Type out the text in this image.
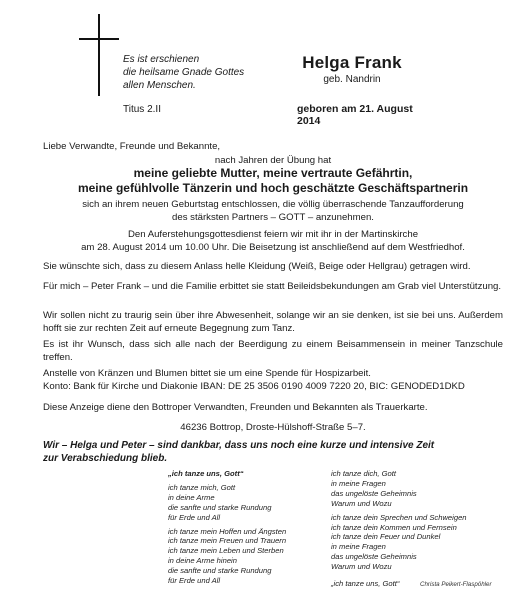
Es ist erschienen
die heilsame Gnade Gottes
allen Menschen.
Titus 2.II
Helga Frank
geb. Nandrin
geboren am 21. August 2014
Liebe Verwandte, Freunde und Bekannte,
nach Jahren der Übung hat
meine geliebte Mutter, meine vertraute Gefährtin,
meine gefühlvolle Tänzerin und hoch geschätzte Geschäftspartnerin
sich an ihrem neuen Geburtstag entschlossen, die völlig überraschende Tanzaufforderung
des stärksten Partners – GOTT – anzunehmen.
Den Auferstehungsgottesdienst feiern wir mit ihr in der Martinskirche
am 28. August 2014 um 10.00 Uhr. Die Beisetzung ist anschließend auf dem Westfriedhof.
Sie wünschte sich, dass zu diesem Anlass helle Kleidung (Weiß, Beige oder Hellgrau) getragen wird.
Für mich – Peter Frank – und die Familie erbittet sie statt Beileidsbekundungen am Grab viel Unterstützung.
Wir sollen nicht zu traurig sein über ihre Abwesenheit, solange wir an sie denken, ist sie bei uns. Außerdem hofft sie zur rechten Zeit auf erneute Begegnung zum Tanz.
Es ist ihr Wunsch, dass sich alle nach der Beerdigung zu einem Beisammensein in meiner Tanzschule treffen.
Anstelle von Kränzen und Blumen bittet sie um eine Spende für Hospizarbeit.
Konto: Bank für Kirche und Diakonie IBAN: DE 25 3506 0190 4009 7220 20, BIC: GENODED1DKD
Diese Anzeige diene den Bottroper Verwandten, Freunden und Bekannten als Trauerkarte.
46236 Bottrop, Droste-Hülshoff-Straße 5–7.
Wir – Helga und Peter – sind dankbar, dass uns noch eine kurze und intensive Zeit
zur Verabschiedung blieb.
„ich tanze uns, Gott“
ich tanze mich, Gott
in deine Arme
die sanfte und starke Rundung
für Erde und All
ich tanze mein Hoffen und Ängsten
ich tanze mein Freuen und Trauern
ich tanze mein Leben und Sterben
in deine Arme hinein
die sanfte und starke Rundung
für Erde und All
ich tanze dich, Gott
in meine Fragen
das ungelöste Geheimnis
Warum und Wozu
ich tanze dein Sprechen und Schweigen
ich tanze dein Kommen und Fernsein
ich tanze dein Feuer und Dunkel
in meine Fragen
das ungelöste Geheimnis
Warum und Wozu
„ich tanze uns, Gott“	Christa Peikert-Flaspöhler
